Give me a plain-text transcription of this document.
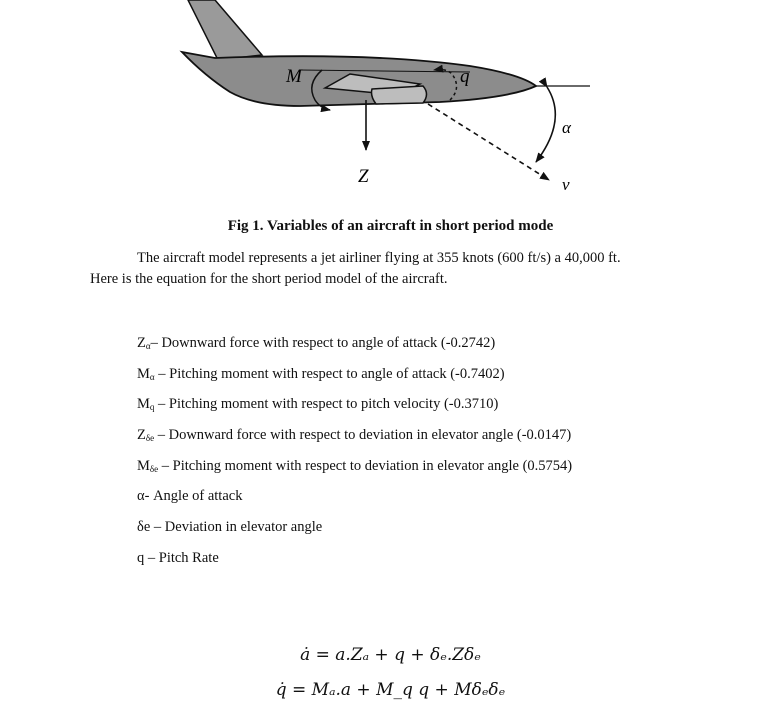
M	q
v
α
Z
Fig 1. Variables of an aircraft in short period mode
The aircraft model represents a jet airliner flying at 355 knots (600 ft/s) a 40,000 ft.
Here is the equation for the short period model of the aircraft.
$Z_\alpha-$ Downward force with respect to angle of attack (-0.2742)
$M_\alpha$ – Pitching moment with respect to angle of attack (-0.7402)
$M_q$ – Pitching moment with respect to pitch velocity (-0.3710)
$Z_{\delta e}$ – Downward force with respect to deviation in elevator angle (-0.0147)
$M_{\delta e}$ – Pitching moment with respect to deviation in elevator angle (0.5754)
α- Angle of attack
δe – Deviation in elevator angle
q – Pitch Rate
ȧ = a.Zₐ + q + δₑ.Zδₑ
q̇ = Mₐ.a + M_q q + Mδₑδₑ
